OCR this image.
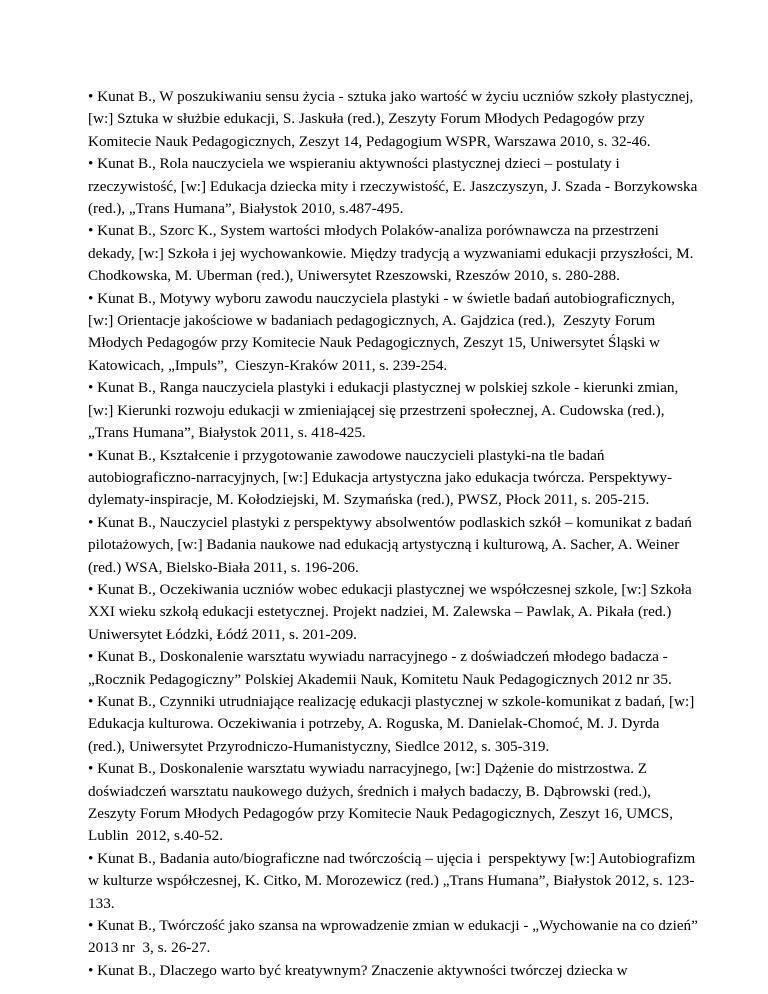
• Kunat B., W poszukiwaniu sensu życia - sztuka jako wartość w życiu uczniów szkoły plastycznej, [w:] Sztuka w służbie edukacji, S. Jaskuła (red.), Zeszyty Forum Młodych Pedagogów przy Komitecie Nauk Pedagogicznych, Zeszyt 14, Pedagogium WSPR, Warszawa 2010, s. 32-46.

• Kunat B., Rola nauczyciela we wspieraniu aktywności plastycznej dzieci – postulaty i rzeczywistość, [w:] Edukacja dziecka mity i rzeczywistość, E. Jaszczyszyn, J. Szada - Borzykowska (red.), „Trans Humana”, Białystok 2010, s.487-495.

• Kunat B., Szorc K., System wartości młodych Polaków-analiza porównawcza na przestrzeni dekady, [w:] Szkoła i jej wychowankowie. Między tradycją a wyzwaniami edukacji przyszłości, M. Chodkowska, M. Uberman (red.), Uniwersytet Rzeszowski, Rzeszów 2010, s. 280-288.

• Kunat B., Motywy wyboru zawodu nauczyciela plastyki - w świetle badań autobiograficznych, [w:] Orientacje jakościowe w badaniach pedagogicznych, A. Gajdzica (red.),  Zeszyty Forum Młodych Pedagogów przy Komitecie Nauk Pedagogicznych, Zeszyt 15, Uniwersytet Śląski w Katowicach, „Impuls”,  Cieszyn-Kraków 2011, s. 239-254.

• Kunat B., Ranga nauczyciela plastyki i edukacji plastycznej w polskiej szkole - kierunki zmian, [w:] Kierunki rozwoju edukacji w zmieniającej się przestrzeni społecznej, A. Cudowska (red.), „Trans Humana”, Białystok 2011, s. 418-425.

• Kunat B., Kształcenie i przygotowanie zawodowe nauczycieli plastyki-na tle badań autobiograficzno-narracyjnych, [w:] Edukacja artystyczna jako edukacja twórcza. Perspektywy-dylematy-inspiracje, M. Kołodziejski, M. Szymańska (red.), PWSZ, Płock 2011, s. 205-215.

• Kunat B., Nauczyciel plastyki z perspektywy absolwentów podlaskich szkół – komunikat z badań pilotażowych, [w:] Badania naukowe nad edukacją artystyczną i kulturową, A. Sacher, A. Weiner (red.) WSA, Bielsko-Biała 2011, s. 196-206.

• Kunat B., Oczekiwania uczniów wobec edukacji plastycznej we współczesnej szkole, [w:] Szkoła XXI wieku szkołą edukacji estetycznej. Projekt nadziei, M. Zalewska – Pawlak, A. Pikała (red.) Uniwersytet Łódzki, Łódź 2011, s. 201-209.

• Kunat B., Doskonalenie warsztatu wywiadu narracyjnego - z doświadczeń młodego badacza - „Rocznik Pedagogiczny” Polskiej Akademii Nauk, Komitetu Nauk Pedagogicznych 2012 nr 35.

• Kunat B., Czynniki utrudniające realizację edukacji plastycznej w szkole-komunikat z badań, [w:] Edukacja kulturowa. Oczekiwania i potrzeby, A. Roguska, M. Danielak-Chomoć, M. J. Dyrda (red.), Uniwersytet Przyrodniczo-Humanistyczny, Siedlce 2012, s. 305-319.

• Kunat B., Doskonalenie warsztatu wywiadu narracyjnego, [w:] Dążenie do mistrzostwa. Z doświadczeń warsztatu naukowego dużych, średnich i małych badaczy, B. Dąbrowski (red.), Zeszyty Forum Młodych Pedagogów przy Komitecie Nauk Pedagogicznych, Zeszyt 16, UMCS, Lublin  2012, s.40-52.

• Kunat B., Badania auto/biograficzne nad twórczością – ujęcia i  perspektywy [w:] Autobiografizm w kulturze współczesnej, K. Citko, M. Morozewicz (red.) „Trans Humana”, Białystok 2012, s. 123-133.

• Kunat B., Twórczość jako szansa na wprowadzenie zmian w edukacji - „Wychowanie na co dzień” 2013 nr  3, s. 26-27.

• Kunat B., Dlaczego warto być kreatywnym? Znaczenie aktywności twórczej dziecka w
